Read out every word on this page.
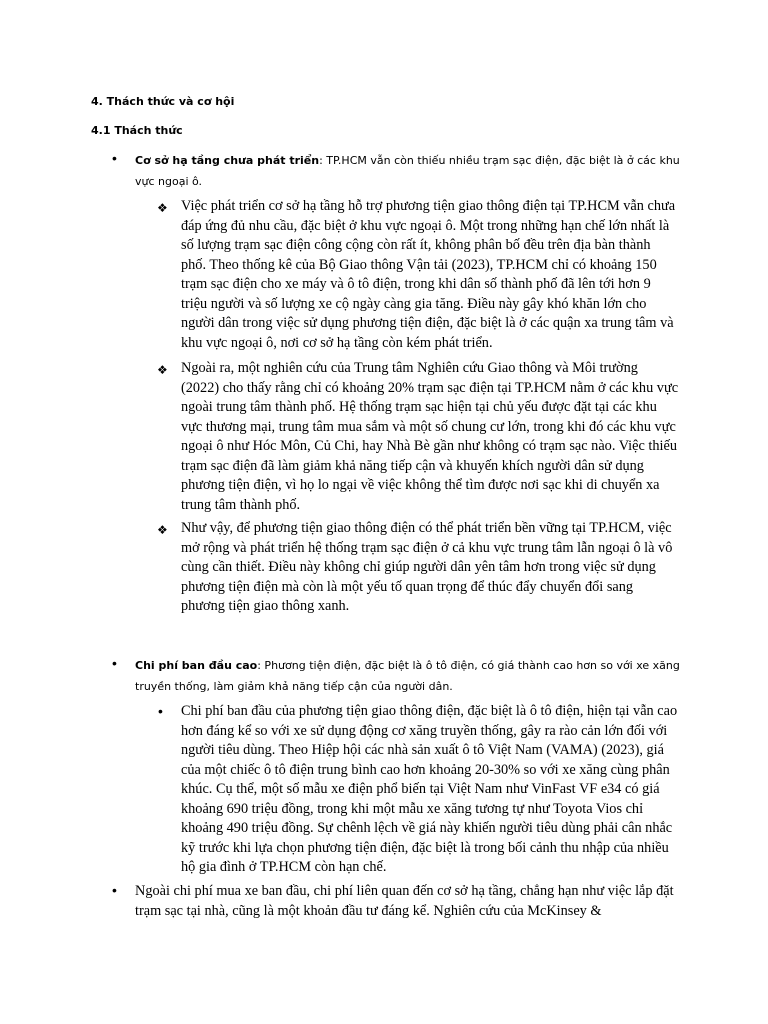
4. Thách thức và cơ hội
4.1 Thách thức
• Cơ sở hạ tầng chưa phát triển: TP.HCM vẫn còn thiếu nhiều trạm sạc điện, đặc biệt là ở các khu vực ngoại ô.
❖ Việc phát triển cơ sở hạ tầng hỗ trợ phương tiện giao thông điện tại TP.HCM vẫn chưa đáp ứng đủ nhu cầu, đặc biệt ở khu vực ngoại ô. Một trong những hạn chế lớn nhất là số lượng trạm sạc điện công cộng còn rất ít, không phân bố đều trên địa bàn thành phố. Theo thống kê của Bộ Giao thông Vận tải (2023), TP.HCM chỉ có khoảng 150 trạm sạc điện cho xe máy và ô tô điện, trong khi dân số thành phố đã lên tới hơn 9 triệu người và số lượng xe cộ ngày càng gia tăng. Điều này gây khó khăn lớn cho người dân trong việc sử dụng phương tiện điện, đặc biệt là ở các quận xa trung tâm và khu vực ngoại ô, nơi cơ sở hạ tầng còn kém phát triển.
❖ Ngoài ra, một nghiên cứu của Trung tâm Nghiên cứu Giao thông và Môi trường (2022) cho thấy rằng chỉ có khoảng 20% trạm sạc điện tại TP.HCM nằm ở các khu vực ngoài trung tâm thành phố. Hệ thống trạm sạc hiện tại chủ yếu được đặt tại các khu vực thương mại, trung tâm mua sắm và một số chung cư lớn, trong khi đó các khu vực ngoại ô như Hóc Môn, Củ Chi, hay Nhà Bè gần như không có trạm sạc nào. Việc thiếu trạm sạc điện đã làm giảm khả năng tiếp cận và khuyến khích người dân sử dụng phương tiện điện, vì họ lo ngại về việc không thể tìm được nơi sạc khi di chuyển xa trung tâm thành phố.
❖ Như vậy, để phương tiện giao thông điện có thể phát triển bền vững tại TP.HCM, việc mở rộng và phát triển hệ thống trạm sạc điện ở cả khu vực trung tâm lẫn ngoại ô là vô cùng cần thiết. Điều này không chỉ giúp người dân yên tâm hơn trong việc sử dụng phương tiện điện mà còn là một yếu tố quan trọng để thúc đẩy chuyển đổi sang phương tiện giao thông xanh.
• Chi phí ban đầu cao: Phương tiện điện, đặc biệt là ô tô điện, có giá thành cao hơn so với xe xăng truyền thống, làm giảm khả năng tiếp cận của người dân.
• Chi phí ban đầu của phương tiện giao thông điện, đặc biệt là ô tô điện, hiện tại vẫn cao hơn đáng kể so với xe sử dụng động cơ xăng truyền thống, gây ra rào cản lớn đối với người tiêu dùng. Theo Hiệp hội các nhà sản xuất ô tô Việt Nam (VAMA) (2023), giá của một chiếc ô tô điện trung bình cao hơn khoảng 20-30% so với xe xăng cùng phân khúc. Cụ thể, một số mẫu xe điện phổ biến tại Việt Nam như VinFast VF e34 có giá khoảng 690 triệu đồng, trong khi một mẫu xe xăng tương tự như Toyota Vios chỉ khoảng 490 triệu đồng. Sự chênh lệch về giá này khiến người tiêu dùng phải cân nhắc kỹ trước khi lựa chọn phương tiện điện, đặc biệt là trong bối cảnh thu nhập của nhiều hộ gia đình ở TP.HCM còn hạn chế.
• Ngoài chi phí mua xe ban đầu, chi phí liên quan đến cơ sở hạ tầng, chẳng hạn như việc lắp đặt trạm sạc tại nhà, cũng là một khoản đầu tư đáng kể. Nghiên cứu của McKinsey &
